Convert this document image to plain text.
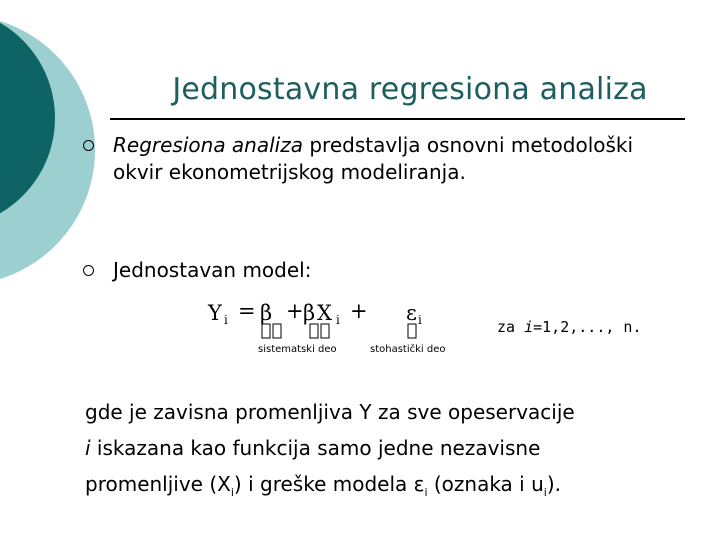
Jednostavna regresiona analiza
Regresiona analiza predstavlja osnovni metodološki okvir ekonometrijskog modeliranja.
Jednostavan model:
Y i = β + β X i + ε i
sistematski deo	stohastički deo
za i=1,2,..., n.
gde je zavisna promenljiva Y za sve opeservacije
i iskazana kao funkcija samo jedne nezavisne
promenljive $(X_i)$ i greške modela $\varepsilon_i$ (oznaka i $u_i$).
